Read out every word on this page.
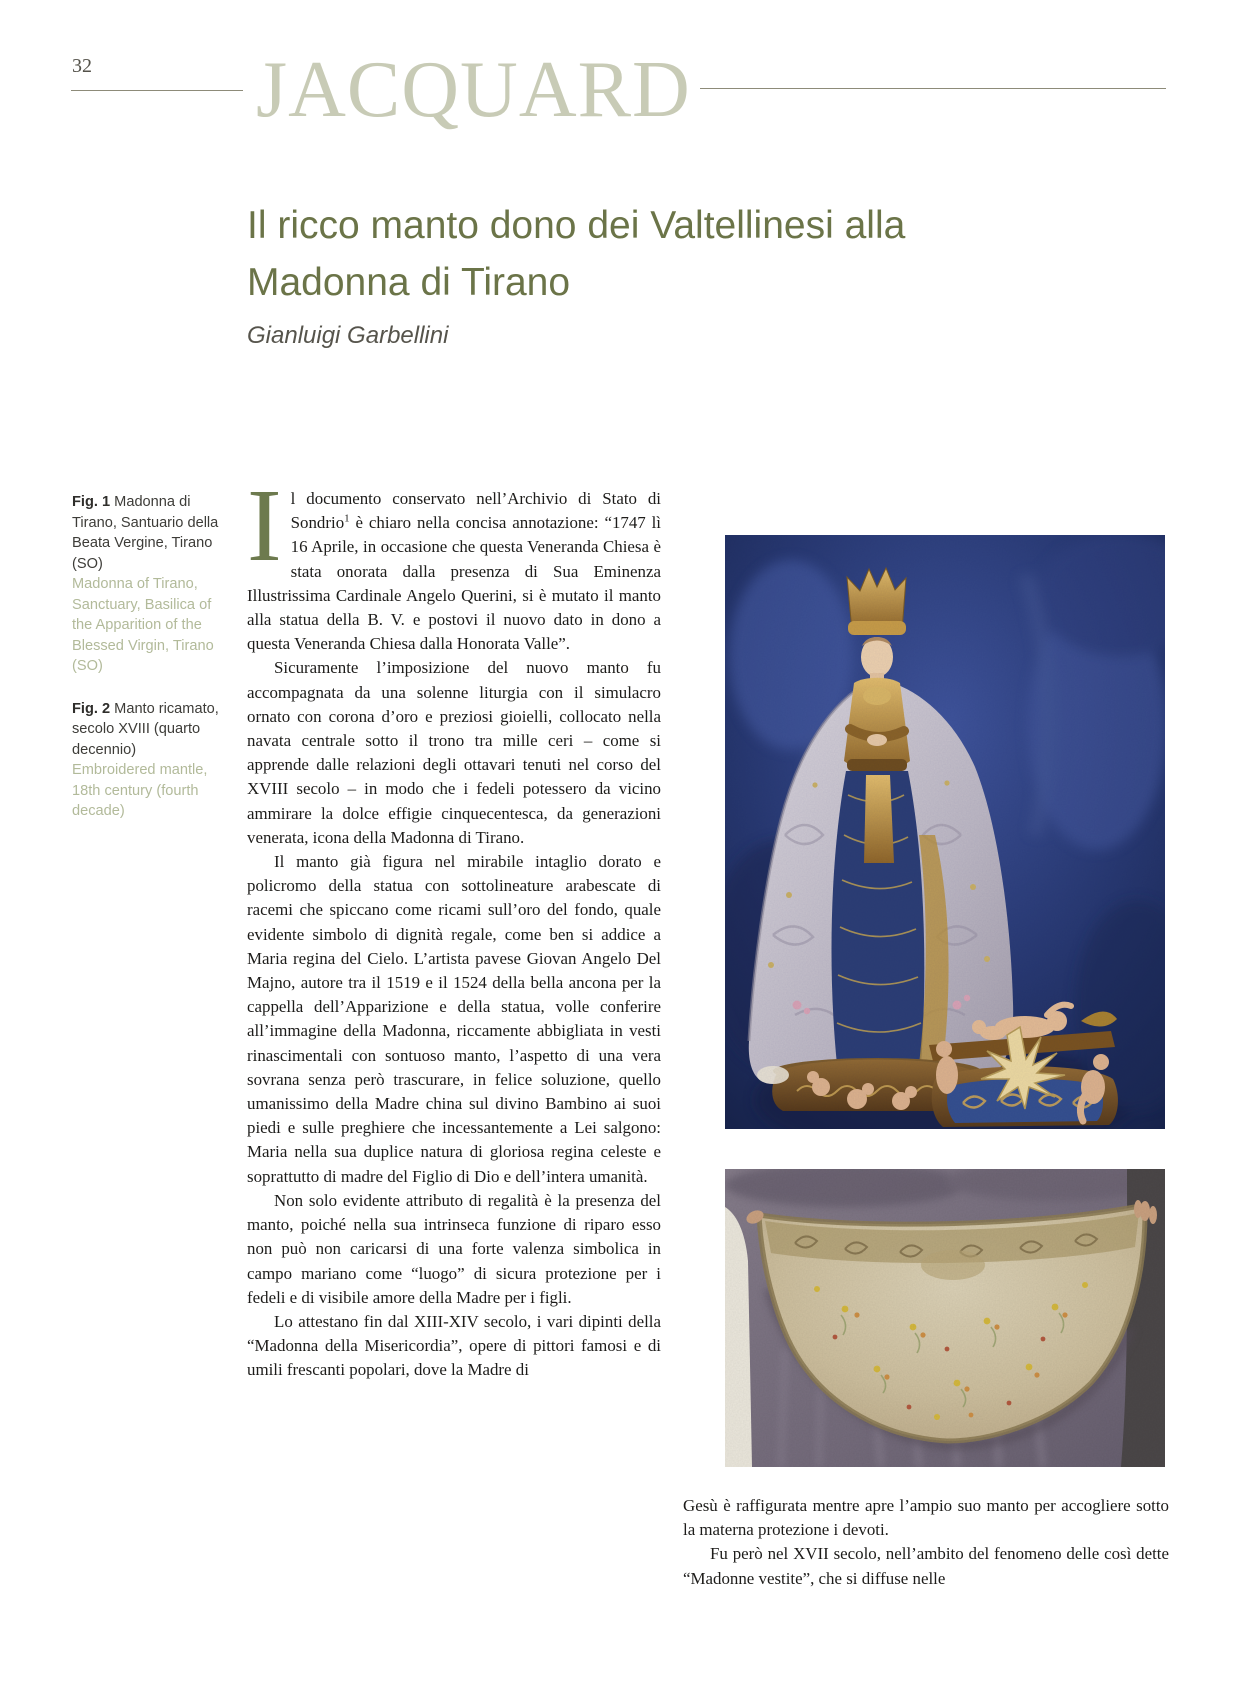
32 JACQUARD
Il ricco manto dono dei Valtellinesi alla
Madonna di Tirano
Gianluigi Garbellini

Fig. 1 Madonna di Tirano, Santuario della Beata Vergine, Tirano (SO)
Madonna of Tirano, Sanctuary, Basilica of the Apparition of the Blessed Virgin, Tirano (SO)

Fig. 2 Manto ricamato, secolo XVIII (quarto decennio)
Embroidered mantle, 18th century (fourth decade)

Il documento conservato nell’Archivio di Stato di Sondrio$^1$ è chiaro nella concisa annotazione: “1747 lì 16 Aprile, in occasione che questa Veneranda Chiesa è stata onorata dalla presenza di Sua Eminenza Illustrissima Cardinale Angelo Querini, si è mutato il manto alla statua della B. V. e postovi il nuovo dato in dono a questa Veneranda Chiesa dalla Honorata Valle”.

Sicuramente l’imposizione del nuovo manto fu accompagnata da una solenne liturgia con il simulacro ornato con corona d’oro e preziosi gioielli, collocato nella navata centrale sotto il trono tra mille ceri – come si apprende dalle relazioni degli ottavari tenuti nel corso del XVIII secolo – in modo che i fedeli potessero da vicino ammirare la dolce effigie cinquecentesca, da generazioni venerata, icona della Madonna di Tirano.

Il manto già figura nel mirabile intaglio dorato e policromo della statua con sottolineature arabescate di racemi che spiccano come ricami sull’oro del fondo, quale evidente simbolo di dignità regale, come ben si addice a Maria regina del Cielo. L’artista pavese Giovan Angelo Del Majno, autore tra il 1519 e il 1524 della bella ancona per la cappella dell’Apparizione e della statua, volle conferire all’immagine della Madonna, riccamente abbigliata in vesti rinascimentali con sontuoso manto, l’aspetto di una vera sovrana senza però trascurare, in felice soluzione, quello umanissimo della Madre china sul divino Bambino ai suoi piedi e sulle preghiere che incessantemente a Lei salgono: Maria nella sua duplice natura di gloriosa regina celeste e soprattutto di madre del Figlio di Dio e dell’intera umanità.

Non solo evidente attributo di regalità è la presenza del manto, poiché nella sua intrinseca funzione di riparo esso non può non caricarsi di una forte valenza simbolica in campo mariano come “luogo” di sicura protezione per i fedeli e di visibile amore della Madre per i figli.

Lo attestano fin dal XIII-XIV secolo, i vari dipinti della “Madonna della Misericordia”, opere di pittori famosi e di umili frescanti popolari, dove la Madre di

Gesù è raffigurata mentre apre l’ampio suo manto per accogliere sotto la materna protezione i devoti.

Fu però nel XVII secolo, nell’ambito del fenomeno delle così dette “Madonne vestite”, che si diffuse nelle
